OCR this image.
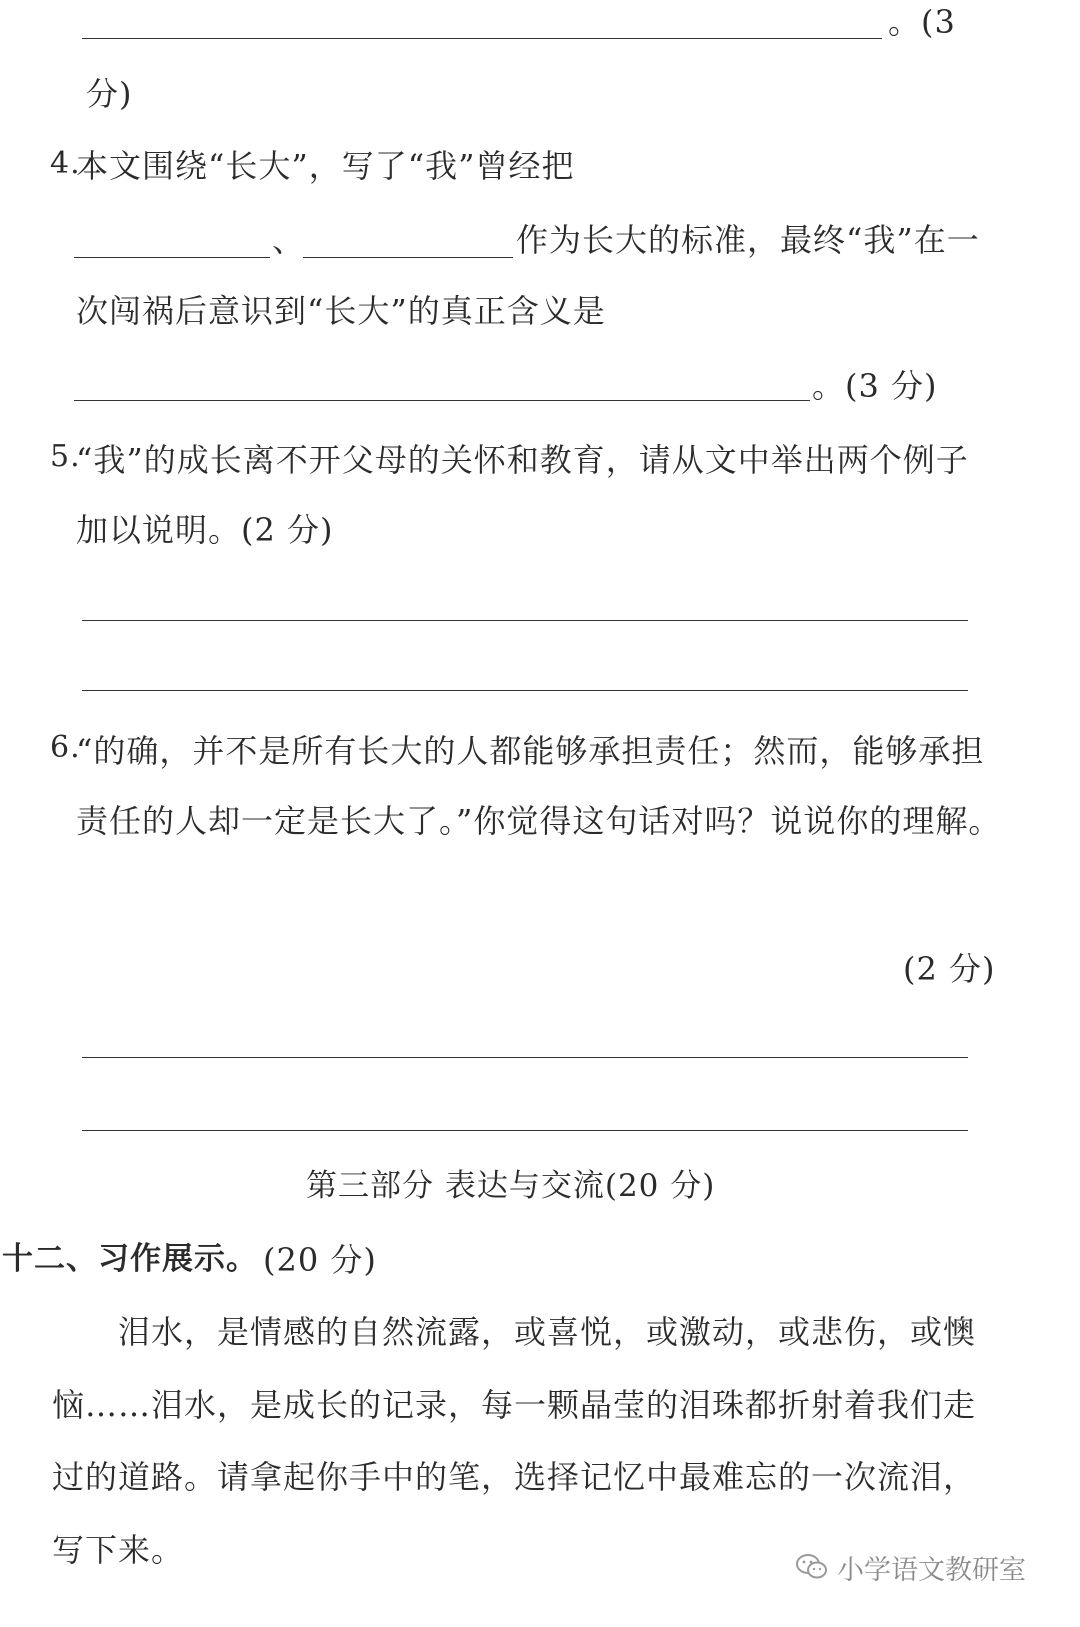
。(3
分)
4.
本文围绕“长大”，写了“我”曾经把
、	作为长大的标准，最终“我”在一
次闯祸后意识到“长大”的真正含义是
。(3 分)
5.
“我”的成长离不开父母的关怀和教育，请从文中举出两个例子
加以说明。(2 分)
6.
“的确，并不是所有长大的人都能够承担责任；然而，能够承担
责任的人却一定是长大了。”你觉得这句话对吗？说说你的理解。
(2 分)
第三部分 表达与交流(20 分)
十二、习作展示。 (20 分)
泪水，是情感的自然流露，或喜悦，或激动，或悲伤，或懊
恼……泪水，是成长的记录，每一颗晶莹的泪珠都折射着我们走
过的道路。请拿起你手中的笔，选择记忆中最难忘的一次流泪，
写下来。
小学语文教研室
